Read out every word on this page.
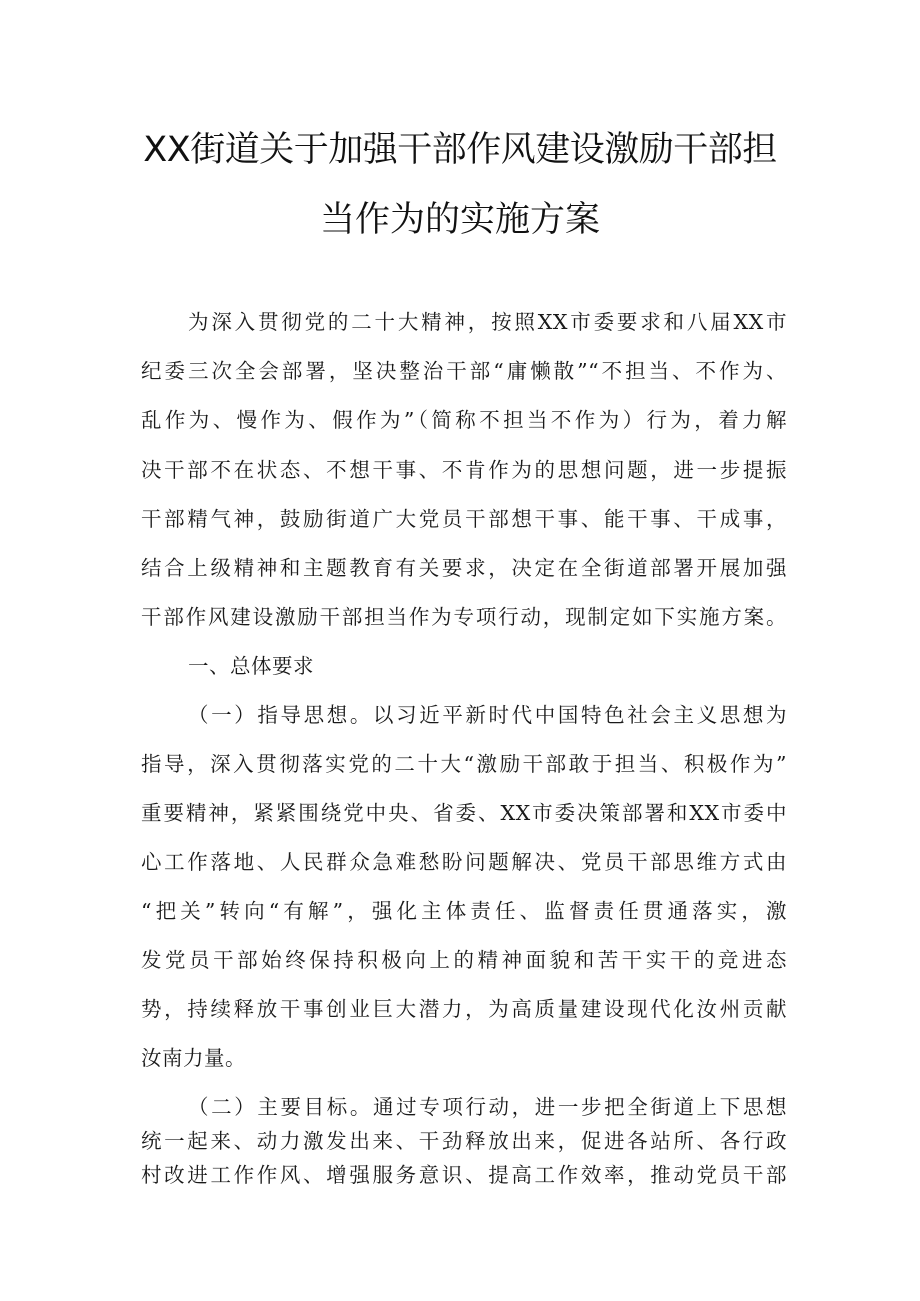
XX街道关于加强干部作风建设激励干部担
当作为的实施方案
为深入贯彻党的二十大精神，按照XX市委要求和八届XX市
纪委三次全会部署，坚决整治干部“庸懒散”“不担当、不作为、
乱作为、慢作为、假作为”（简称不担当不作为）行为，着力解
决干部不在状态、不想干事、不肯作为的思想问题，进一步提振
干部精气神，鼓励街道广大党员干部想干事、能干事、干成事，
结合上级精神和主题教育有关要求，决定在全街道部署开展加强
干部作风建设激励干部担当作为专项行动，现制定如下实施方案。
一、总体要求
（一）指导思想。以习近平新时代中国特色社会主义思想为
指导，深入贯彻落实党的二十大“激励干部敢于担当、积极作为”
重要精神，紧紧围绕党中央、省委、XX市委决策部署和XX市委中
心工作落地、人民群众急难愁盼问题解决、党员干部思维方式由
“把关”转向“有解”，强化主体责任、监督责任贯通落实，激
发党员干部始终保持积极向上的精神面貌和苦干实干的竞进态
势，持续释放干事创业巨大潜力，为高质量建设现代化汝州贡献
汝南力量。
（二）主要目标。通过专项行动，进一步把全街道上下思想
统一起来、动力激发出来、干劲释放出来，促进各站所、各行政
村改进工作作风、增强服务意识、提高工作效率，推动党员干部
